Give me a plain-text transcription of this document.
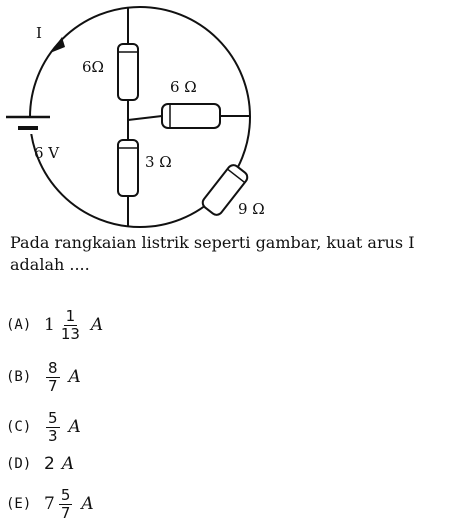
I
6Ω
6 Ω
3 Ω
9 Ω
6 V
Pada rangkaian listrik seperti gambar, kuat arus I adalah ....
(A) $1 \frac{1}{13}$ A
$(B) \frac{8}{7}$ A
$(C) \frac{5}{3}$ A
(D) 2 A
(E) $7 \frac{5}{7}$ A
